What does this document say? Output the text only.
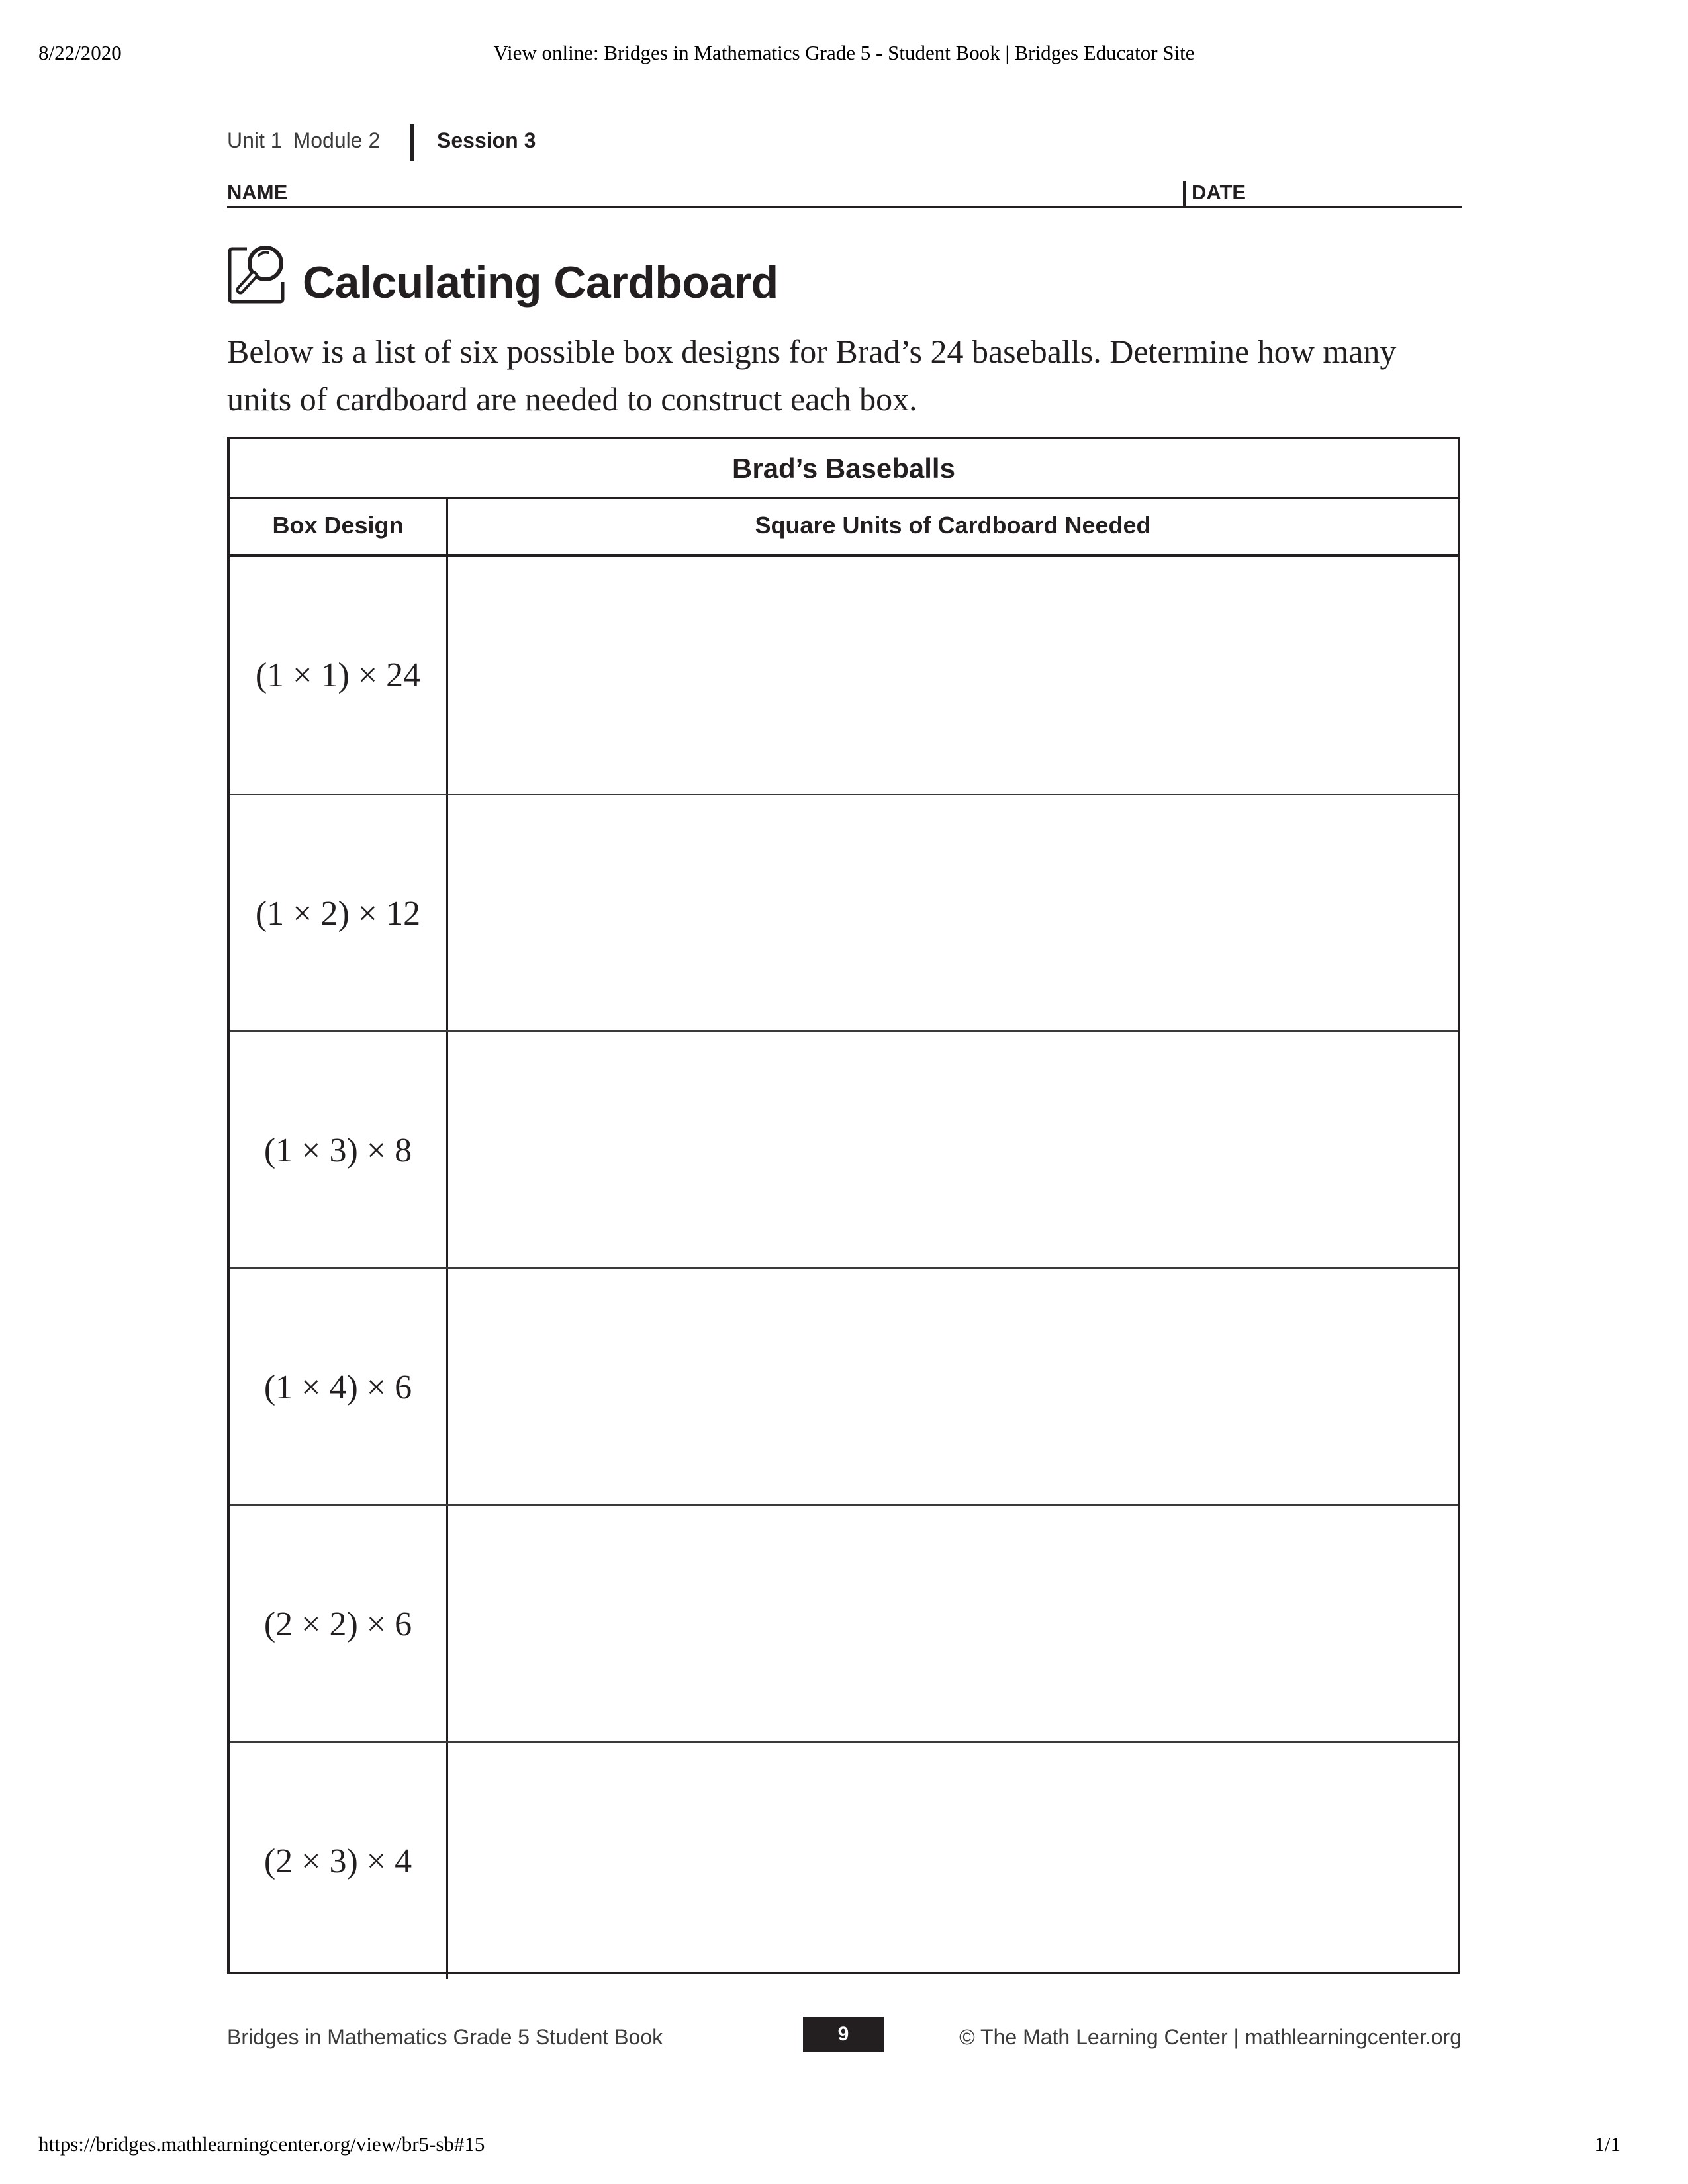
8/22/2020	View online: Bridges in Mathematics Grade 5 - Student Book | Bridges Educator Site
Unit 1 Module 2	Session 3
NAME	DATE
Calculating Cardboard
Below is a list of six possible box designs for Brad’s 24 baseballs. Determine how many units of cardboard are needed to construct each box.
Brad’s Baseballs
Box Design	Square Units of Cardboard Needed
(1 × 1) × 24
(1 × 2) × 12
(1 × 3) × 8
(1 × 4) × 6
(2 × 2) × 6
(2 × 3) × 4
Bridges in Mathematics Grade 5 Student Book	9	© The Math Learning Center | mathlearningcenter.org
https://bridges.mathlearningcenter.org/view/br5-sb#15	1/1
